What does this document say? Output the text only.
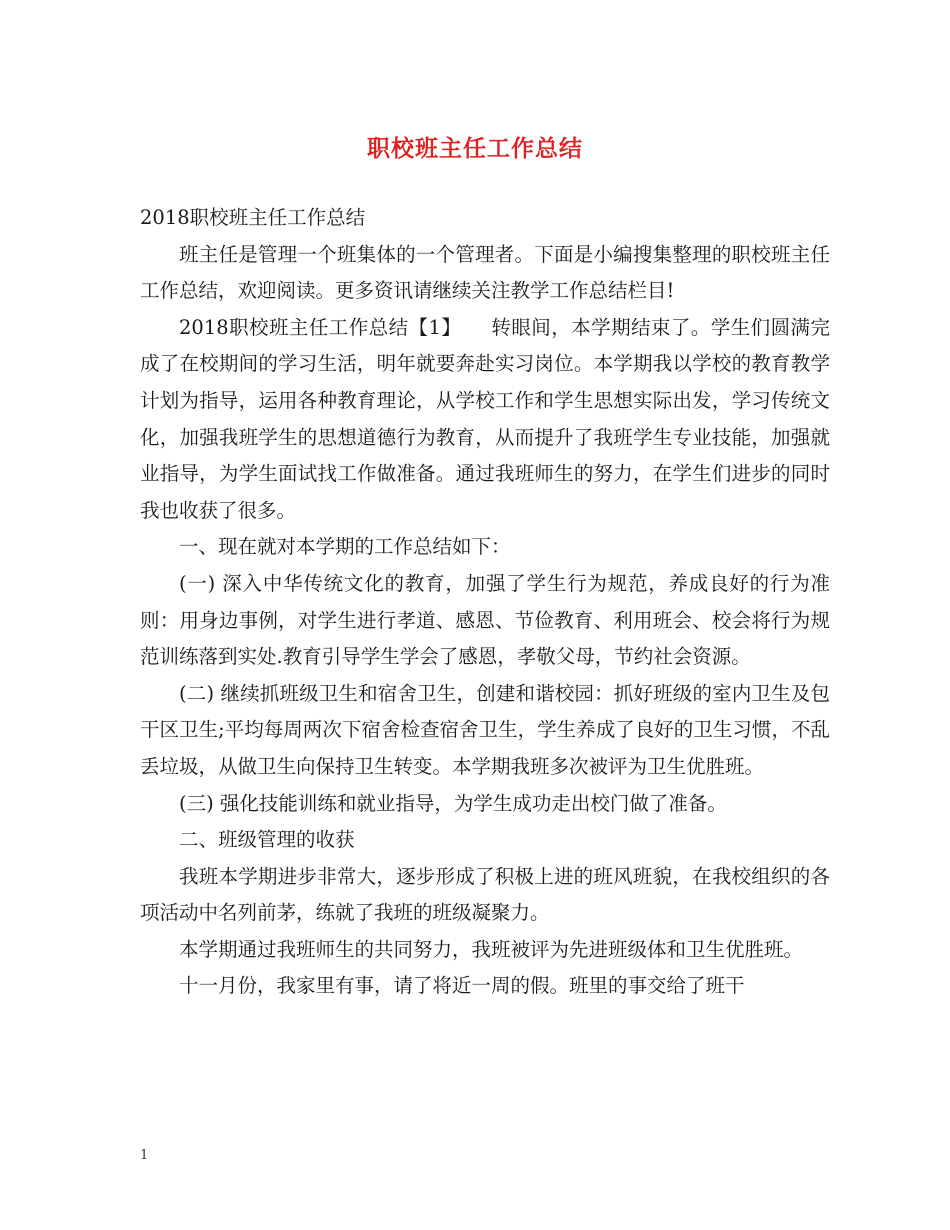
职校班主任工作总结

2018职校班主任工作总结

班主任是管理一个班集体的一个管理者。下面是小编搜集整理的职校班主任工作总结，欢迎阅读。更多资讯请继续关注教学工作总结栏目!

2018职校班主任工作总结【1】　　转眼间，本学期结束了。学生们圆满完成了在校期间的学习生活，明年就要奔赴实习岗位。本学期我以学校的教育教学计划为指导，运用各种教育理论，从学校工作和学生思想实际出发，学习传统文化，加强我班学生的思想道德行为教育，从而提升了我班学生专业技能，加强就业指导，为学生面试找工作做准备。通过我班师生的努力，在学生们进步的同时我也收获了很多。

一、现在就对本学期的工作总结如下：

(一) 深入中华传统文化的教育，加强了学生行为规范，养成良好的行为准则：用身边事例，对学生进行孝道、感恩、节俭教育、利用班会、校会将行为规范训练落到实处.教育引导学生学会了感恩，孝敬父母，节约社会资源。

(二) 继续抓班级卫生和宿舍卫生，创建和谐校园：抓好班级的室内卫生及包干区卫生;平均每周两次下宿舍检查宿舍卫生，学生养成了良好的卫生习惯，不乱丢垃圾，从做卫生向保持卫生转变。本学期我班多次被评为卫生优胜班。

(三) 强化技能训练和就业指导，为学生成功走出校门做了准备。

二、班级管理的收获

我班本学期进步非常大，逐步形成了积极上进的班风班貌，在我校组织的各项活动中名列前茅，练就了我班的班级凝聚力。

本学期通过我班师生的共同努力，我班被评为先进班级体和卫生优胜班。

十一月份，我家里有事，请了将近一周的假。班里的事交给了班干

1
